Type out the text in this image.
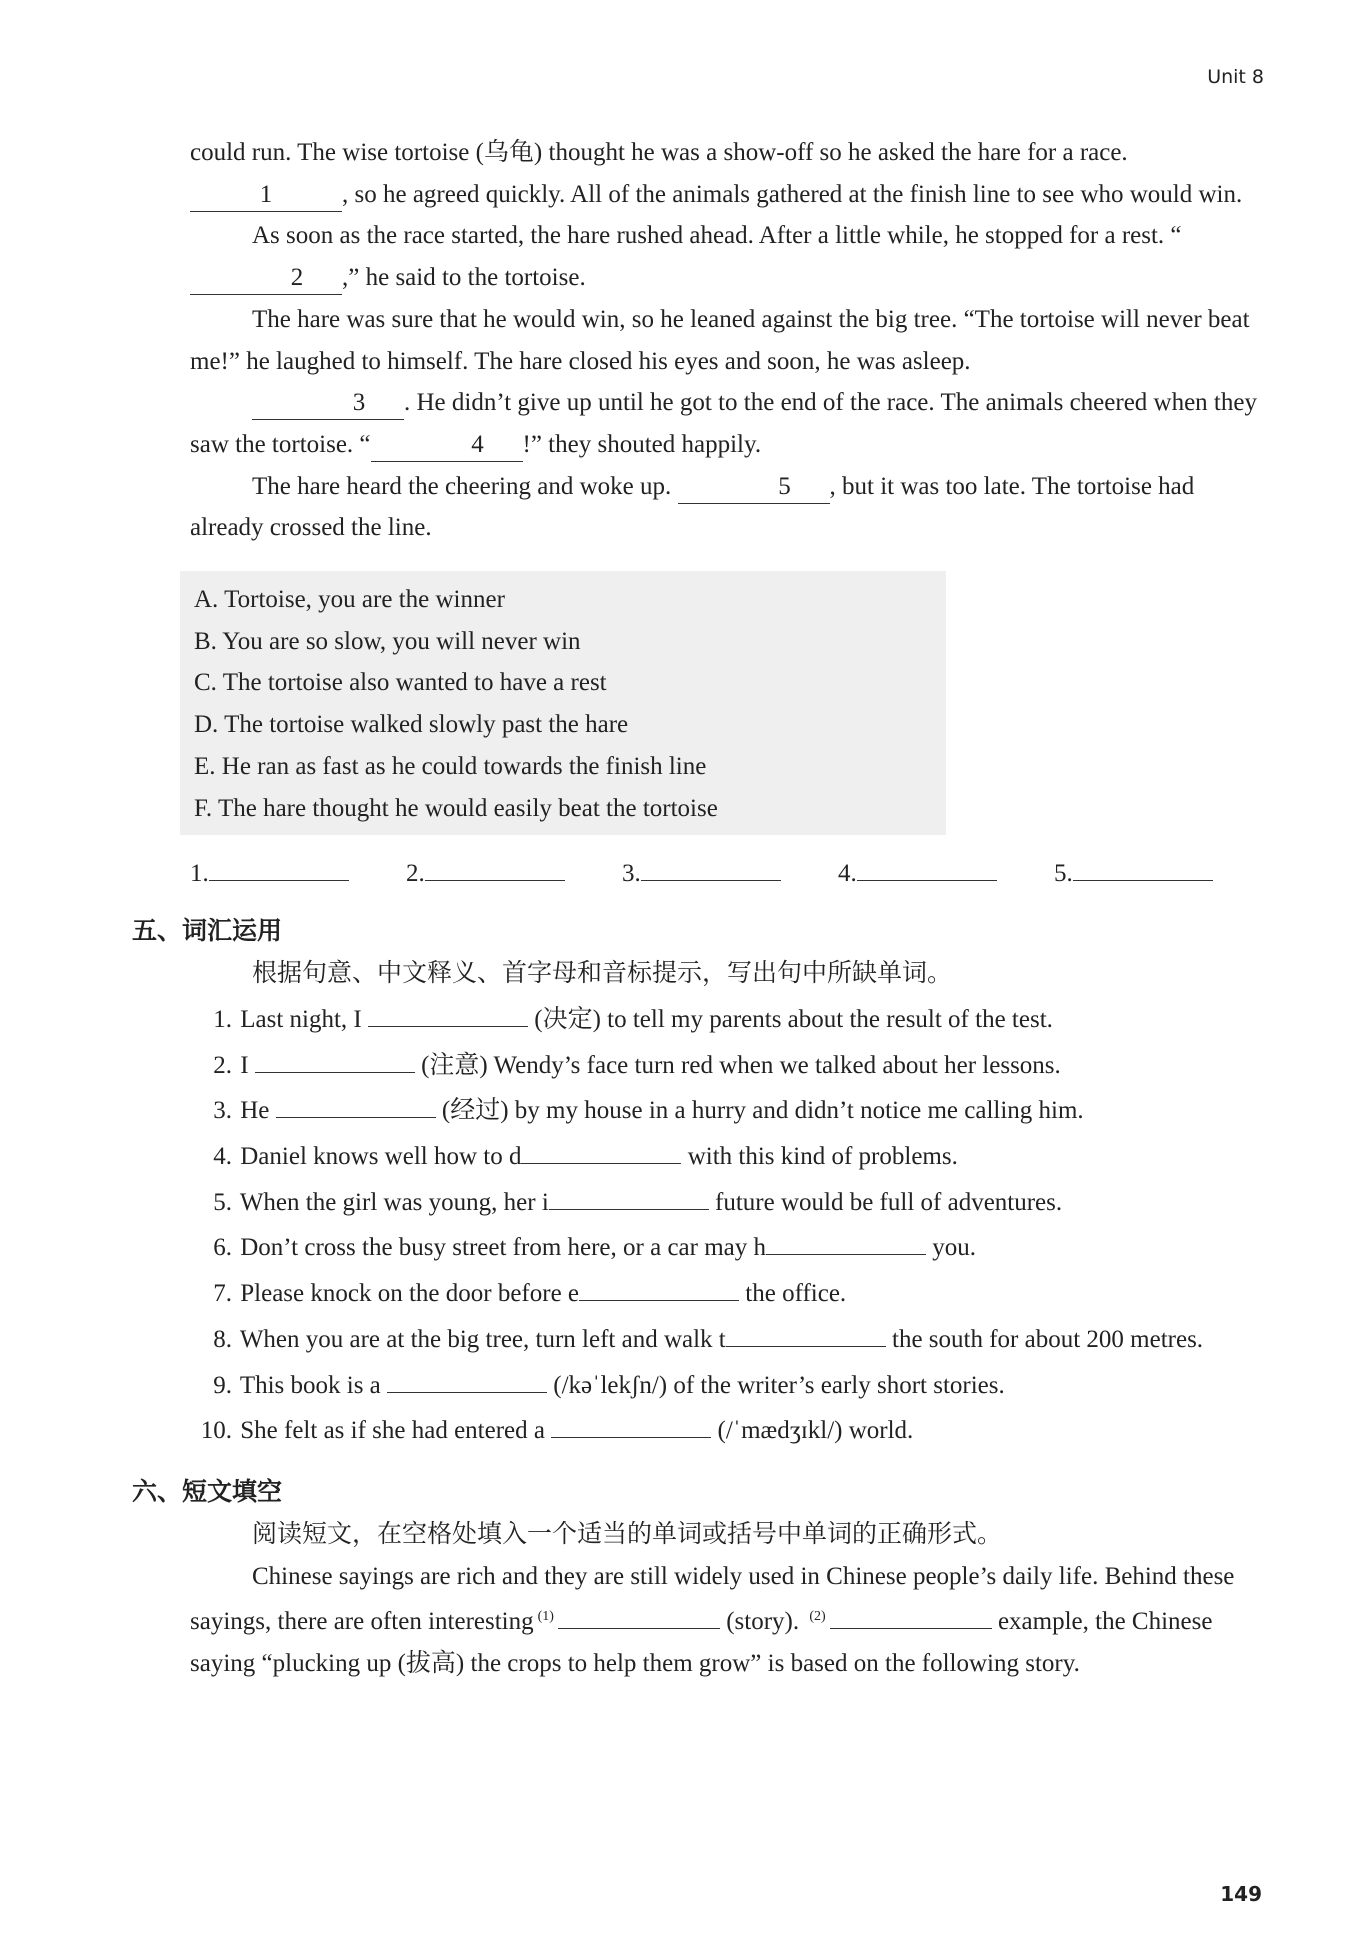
Unit 8

could run. The wise tortoise (乌龟) thought he was a show-off so he asked the hare for a race. 1	, so he agreed quickly. All of the animals gathered at the finish line to see who would win.

As soon as the race started, the hare rushed ahead. After a little while, he stopped for a rest. “2 ,” he said to the tortoise.

The hare was sure that he would win, so he leaned against the big tree. “The tortoise will never beat me!” he laughed to himself. The hare closed his eyes and soon, he was asleep.

3 . He didn’t give up until he got to the end of the race. The animals cheered when they saw the tortoise. “	4 !” they shouted happily.

The hare heard the cheering and woke up.	5 , but it was too late. The tortoise had already crossed the line.

A. Tortoise, you are the winner
B. You are so slow, you will never win
C. The tortoise also wanted to have a rest
D. The tortoise walked slowly past the hare
E. He ran as fast as he could towards the finish line
F. The hare thought he would easily beat the tortoise
1.	2.	3.	4.	5.
五、词汇运用

根据句意、中文释义、首字母和音标提示，写出句中所缺单词。

1. Last night, I	(决定) to tell my parents about the result of the test.

2. I	(注意) Wendy’s face turn red when we talked about her lessons.

3. He	(经过) by my house in a hurry and didn’t notice me calling him.

4. Daniel knows well how to d	with this kind of problems.

5. When the girl was young, her i	future would be full of adventures.

6. Don’t cross the busy street from here, or a car may h	you.

7. Please knock on the door before e	the office.

8. When you are at the big tree, turn left and walk t	the south for about 200 metres.

9. This book is a	(/kəˈlekʃn/) of the writer’s early short stories.

10. She felt as if she had entered a	(/ˈmædʒɪkl/) world.

六、短文填空

阅读短文，在空格处填入一个适当的单词或括号中单词的正确形式。

Chinese sayings are rich and they are still widely used in Chinese people’s daily life. Behind these sayings, there are often interesting $^{(1)}$	(story). $^{(2)}$	example, the Chinese saying “plucking up (拔高) the crops to help them grow” is based on the following story.

149
